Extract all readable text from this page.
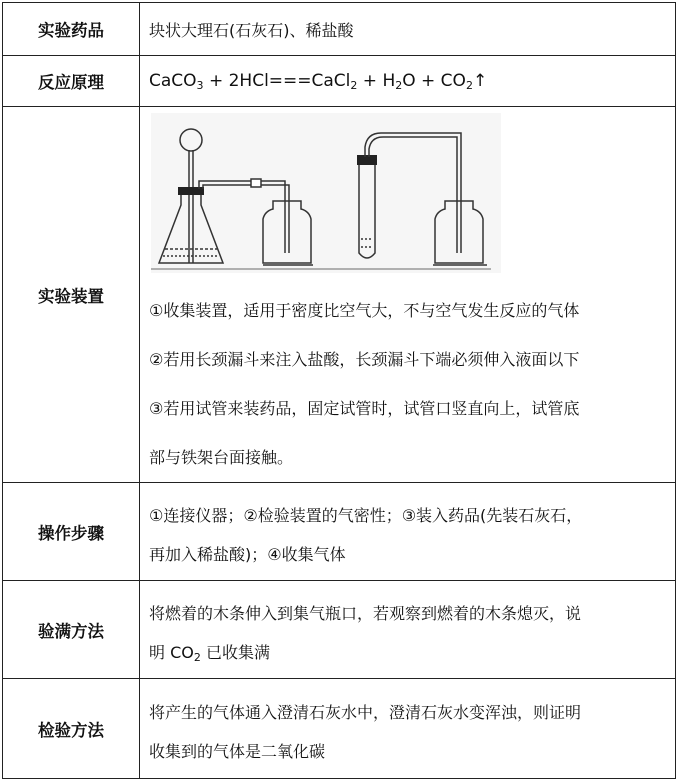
实验药品	块状大理石(石灰石)、稀盐酸
反应原理	CaCO$_3$ + 2HCl===CaCl$_2$ + $H_2O$ + $CO_2↑$
实验装置	①收集装置，适用于密度比空气大，不与空气发生反应的气体
②若用长颈漏斗来注入盐酸，长颈漏斗下端必须伸入液面以下
③若用试管来装药品，固定试管时，试管口竖直向上，试管底
部与铁架台面接触。

操作步骤	①连接仪器；②检验装置的气密性；③装入药品(先装石灰石，
再加入稀盐酸)；④收集气体

验满方法	将燃着的木条伸入到集气瓶口，若观察到燃着的木条熄灭，说
明 $CO_2$ 已收集满

检验方法	将产生的气体通入澄清石灰水中，澄清石灰水变浑浊，则证明
收集到的气体是二氧化碳
